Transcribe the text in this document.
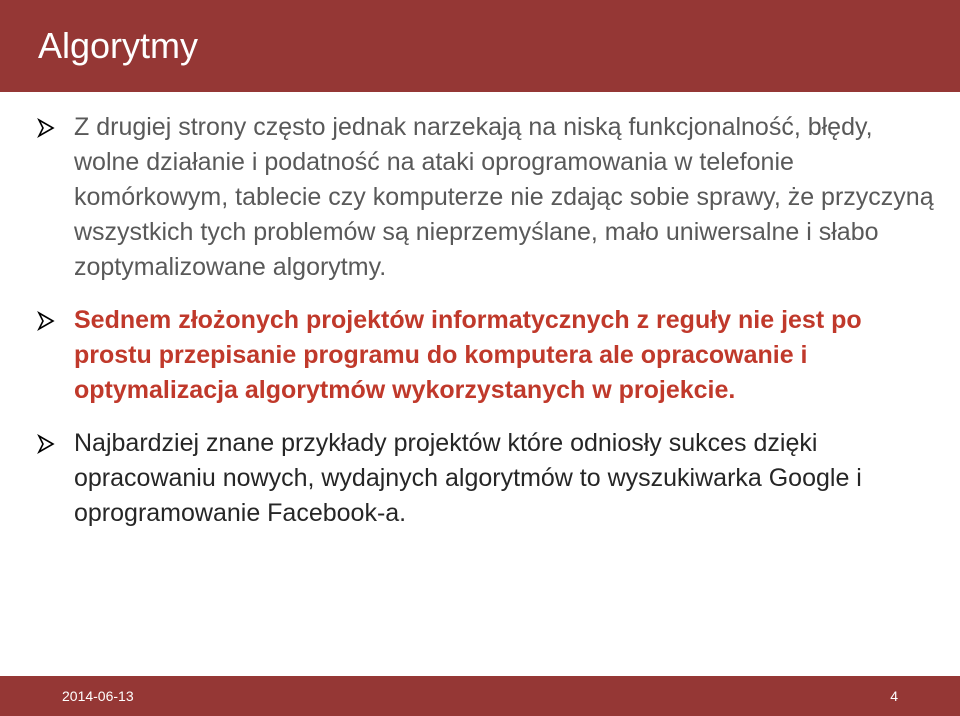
Algorytmy
Z drugiej strony często jednak narzekają na niską funkcjonalność, błędy, wolne działanie i podatność na ataki oprogramowania w telefonie komórkowym, tablecie czy komputerze nie zdając sobie sprawy, że przyczyną wszystkich tych problemów są nieprzemyślane, mało uniwersalne i słabo zoptymalizowane algorytmy.
Sednem złożonych projektów informatycznych z reguły nie jest po prostu przepisanie programu do komputera ale opracowanie i optymalizacja algorytmów wykorzystanych w projekcie.
Najbardziej znane przykłady projektów które odniosły sukces dzięki opracowaniu nowych, wydajnych algorytmów to wyszukiwarka Google i oprogramowanie Facebook-a.
2014-06-13	4
